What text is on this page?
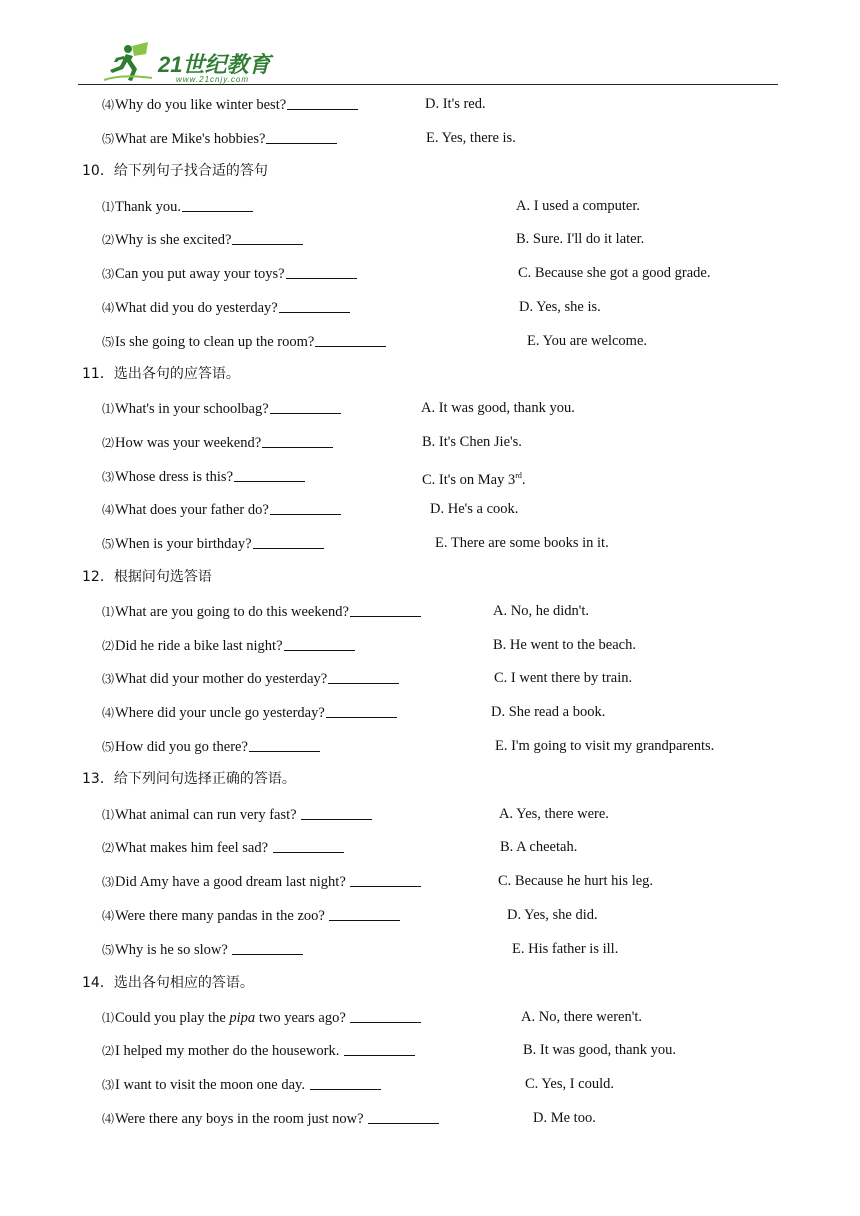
21世纪教育
www.21cnjy.com
⑷Why do you like winter best?	D. It's red.
⑸What are Mike's hobbies?	E. Yes, there is.
10．给下列句子找合适的答句
⑴Thank you.	A. I used a computer.
⑵Why is she excited?	B. Sure. I'll do it later.
⑶Can you put away your toys?	C. Because she got a good grade.
⑷What did you do yesterday?	D. Yes, she is.
⑸Is she going to clean up the room?	E. You are welcome.
11．选出各句的应答语。
⑴What's in your schoolbag?	A. It was good, thank you.
⑵How was your weekend?	B. It's Chen Jie's.
⑶Whose dress is this?	C. It's on May 3rd.
⑷What does your father do?	D. He's a cook.
⑸When is your birthday?	E. There are some books in it.
12．根据问句选答语
⑴What are you going to do this weekend?	A. No, he didn't.
⑵Did he ride a bike last night?	B. He went to the beach.
⑶What did your mother do yesterday?	C. I went there by train.
⑷Where did your uncle go yesterday?	D. She read a book.
⑸How did you go there?	E. I'm going to visit my grandparents.
13．给下列问句选择正确的答语。
⑴What animal can run very fast?	A. Yes, there were.
⑵What makes him feel sad?	B. A cheetah.
⑶Did Amy have a good dream last night?	C. Because he hurt his leg.
⑷Were there many pandas in the zoo?	D. Yes, she did.
⑸Why is he so slow?	E. His father is ill.
14．选出各句相应的答语。
⑴Could you play the pipa two years ago?	A. No, there weren't.
⑵I helped my mother do the housework.	B. It was good, thank you.
⑶I want to visit the moon one day.	C. Yes, I could.
⑷Were there any boys in the room just now?	D. Me too.
